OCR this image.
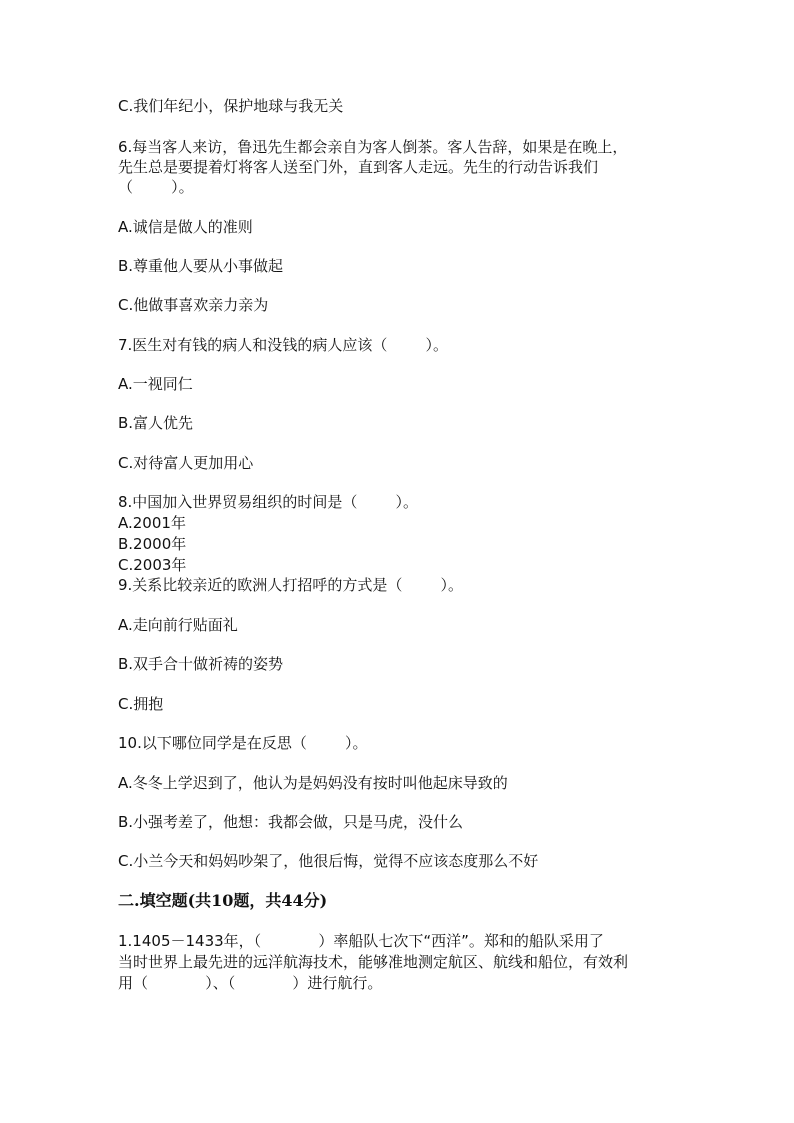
C.我们年纪小，保护地球与我无关
6.每当客人来访，鲁迅先生都会亲自为客人倒茶。客人告辞，如果是在晚上，
先生总是要提着灯将客人送至门外，直到客人走远。先生的行动告诉我们
（        ）。
A.诚信是做人的准则
B.尊重他人要从小事做起
C.他做事喜欢亲力亲为
7.医生对有钱的病人和没钱的病人应该（        ）。
A.一视同仁
B.富人优先
C.对待富人更加用心
8.中国加入世界贸易组织的时间是（        ）。
A.2001年
B.2000年
C.2003年
9.关系比较亲近的欧洲人打招呼的方式是（        ）。
A.走向前行贴面礼
B.双手合十做祈祷的姿势
C.拥抱
10.以下哪位同学是在反思（        ）。
A.冬冬上学迟到了，他认为是妈妈没有按时叫他起床导致的
B.小强考差了，他想：我都会做，只是马虎，没什么
C.小兰今天和妈妈吵架了，他很后悔，觉得不应该态度那么不好
二.填空题(共10题，共44分)
1.1405－1433年，（            ）率船队七次下“西洋”。郑和的船队采用了
当时世界上最先进的远洋航海技术，能够准地测定航区、航线和船位，有效利
用（            ）、（            ）进行航行。
